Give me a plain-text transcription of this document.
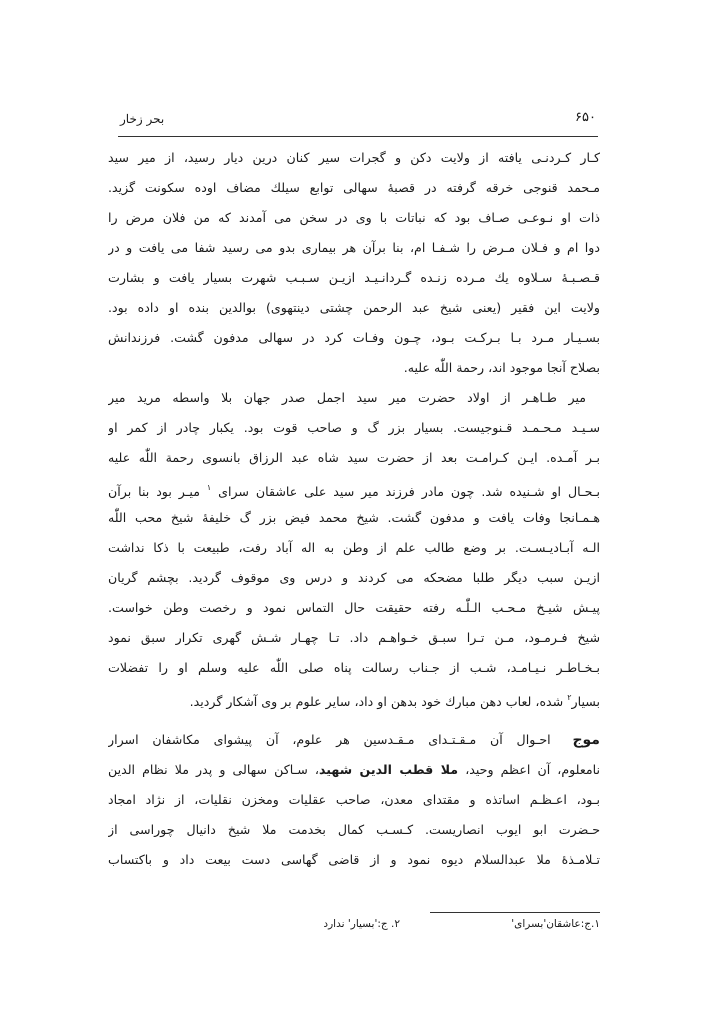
بحر زخار	۶۵۰
کـار کـردنـی یافته از ولایت دکن و گجرات سیر کنان درین دیار رسید، از میر سید
مـحمد قنوجی خرقه گرفته در قصبهٔ سهالی توابع سیلك مضاف اوده سکونت گزید.
ذات او نـوعـی صـاف بود که نباتات با وی در سخن می آمدند که من فلان مرض را
دوا ام و فـلان مـرض را شـفـا ام، بنا برآن هر بیماری بدو می رسید شفا می یافت و در
قـصـبـهٔ سـلاوه یك مـرده زنـده گـردانـیـد ازیـن سـبـب شهرت بسیار یافت و بشارت
ولایت این فقیر (یعنی شیخ عبد الرحمن چشتی دینتهوی) بوالدین بنده او داده بود.
بسـیـار مـرد بـا بـرکـت بـود، چـون وفـات کرد در سهالی مدفون گشت. فرزندانش
بصلاح آنجا موجود اند، رحمة اللّٰه علیه.
میر طـاهـر از اولاد حضرت میر سید اجمل صدر جهان بلا واسطه مرید میر
سـیـد مـحـمـد قـنوجیست. بسیار بزر گ و صاحب قوت بود. یکبار چادر از کمر او
بـر آمـده. ایـن کـرامـت بعد از حضرت سید شاه عبد الرزاق بانسوی رحمة اللّٰه علیه
بـحـال او شـنیده شد. چون مادر فرزند میر سید علی عاشقان سرای $^۱$ میـر بود بنا برآن
هـمـانجا وفات یافت و مدفون گشت. شیخ محمد فیض بزر گ خلیفهٔ شیخ محب اللّٰه
الـه آبـادیـسـت. بر وضع طالب علم از وطن به اله آباد رفت، طبیعت با ذکا نداشت
ازیـن سبب دیگر طلبا مضحکه می کردند و درس وی موقوف گردید. بچشم گریان
پیـش شیـخ مـحـب الـلّٰـه رفته حقیقت حال التماس نمود و رخصت وطن خواست.
شیخ فـرمـود، مـن تـرا سبـق خـواهـم داد. تـا چهـار شـش گهری تکرار سبق نمود
بـخـاطـر نـیـامـد، شـب از جـناب رسالت پناه صلی اللّٰه علیه وسلم او را تفضلات
بسیار$^۲$ شده، لعاب دهن مبارك خود بدهن او داد، سایر علوم بر وی آشکار گردید.
موج احـوال آن مـقـتـدای مـقـدسین هر علوم، آن پیشوای مکاشفان اسرار
نامعلوم، آن اعظم وحید، ملا قطب الدین شهید، سـاکن سهالی و پدر ملا نظام الدین
بـود، اعـظـم اساتذه و مقتدای معدن، صاحب عقلیات ومخزن نقلیات، از نژاد امجاد
حـضرت ابو ایوب انصاریست. کـسـب کمال بخدمت ملا شیخ دانیال چوراسی از
تـلامـذهٔ ملا عبدالسلام دیوه نمود و از قاضی گهاسی دست بیعت داد و باکتساب
١.ج:عاشقان'بسرای'
٢. ج:'بسیار' ندارد
